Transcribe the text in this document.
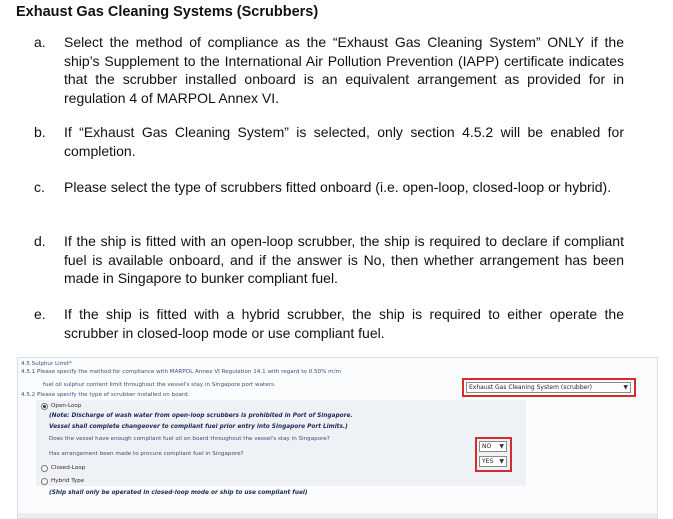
Exhaust Gas Cleaning Systems (Scrubbers)
a. Select the method of compliance as the “Exhaust Gas Cleaning System” ONLY if the ship’s Supplement to the International Air Pollution Prevention (IAPP) certificate indicates that the scrubber installed onboard is an equivalent arrangement as provided for in regulation 4 of MARPOL Annex VI.
b. If “Exhaust Gas Cleaning System” is selected, only section 4.5.2 will be enabled for completion.
c. Please select the type of scrubbers fitted onboard (i.e. open-loop, closed-loop or hybrid).
d. If the ship is fitted with an open-loop scrubber, the ship is required to declare if compliant fuel is available onboard, and if the answer is No, then whether arrangement has been made in Singapore to bunker compliant fuel.
e. If the ship is fitted with a hybrid scrubber, the ship is required to either operate the scrubber in closed-loop mode or use compliant fuel.
4.5 Sulphur Limit*
4.5.1 Please specify the method for compliance with MARPOL Annex VI Regulation 14.1 with regard to 0.50% m/m
fuel oil sulphur content limit throughout the vessel's stay in Singapore port waters.
4.5.2 Please specify the type of scrubber installed on board.
Open-Loop
(Note: Discharge of wash water from open-loop scrubbers is prohibited in Port of Singapore.
Vessel shall complete changeover to compliant fuel prior entry into Singapore Port Limits.)
Does the vessel have enough compliant fuel oil on board throughout the vessel's stay in Singapore?
Has arrangement been made to procure compliant fuel in Singapore?
Closed-Loop
Hybrid Type
(Ship shall only be operated in closed-loop mode or ship to use compliant fuel)
Exhaust Gas Cleaning System (scrubber)	▼
NO ▼
YES ▼
